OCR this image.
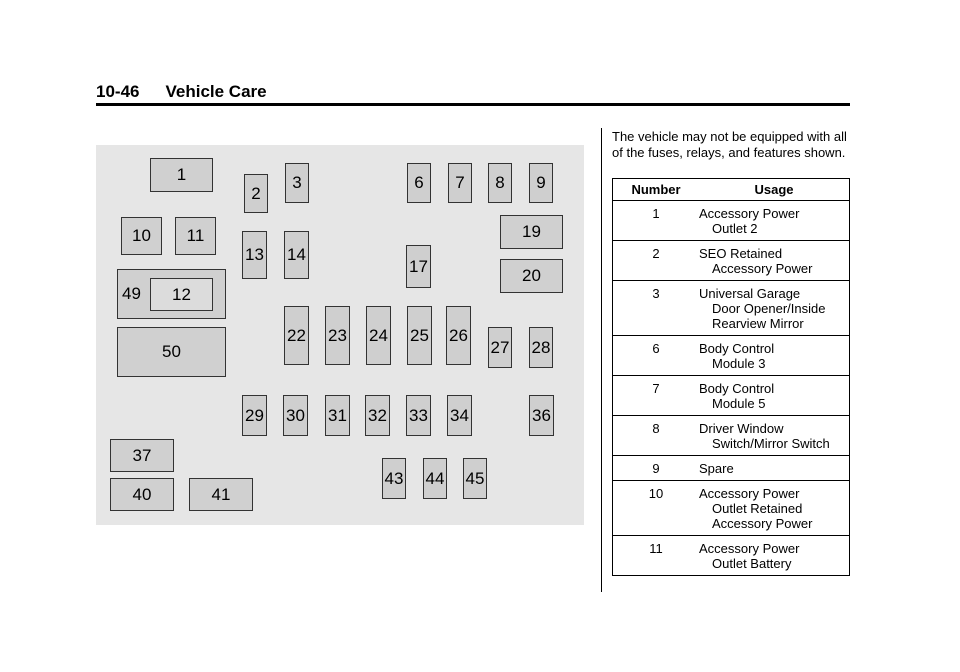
10-46 Vehicle Care
1
2
3	6 7 8 9
10 11	19
13 14
17	20
49 12
50
22 23 24 25 26
27 28
29 30 31 32 33 34	36
37
43 44 45
40	41
The vehicle may not be equipped with all of the fuses, relays, and features shown.
Number	Usage
1	Accessory Power
Outlet 2

2	SEO Retained
Accessory Power

3	Universal Garage
Door Opener/Inside Rearview Mirror

6	Body Control
Module 3

7	Body Control
Module 5

8	Driver Window
Switch/Mirror Switch

9	Spare

10	Accessory Power
Outlet Retained Accessory Power

11	Accessory Power
Outlet Battery
